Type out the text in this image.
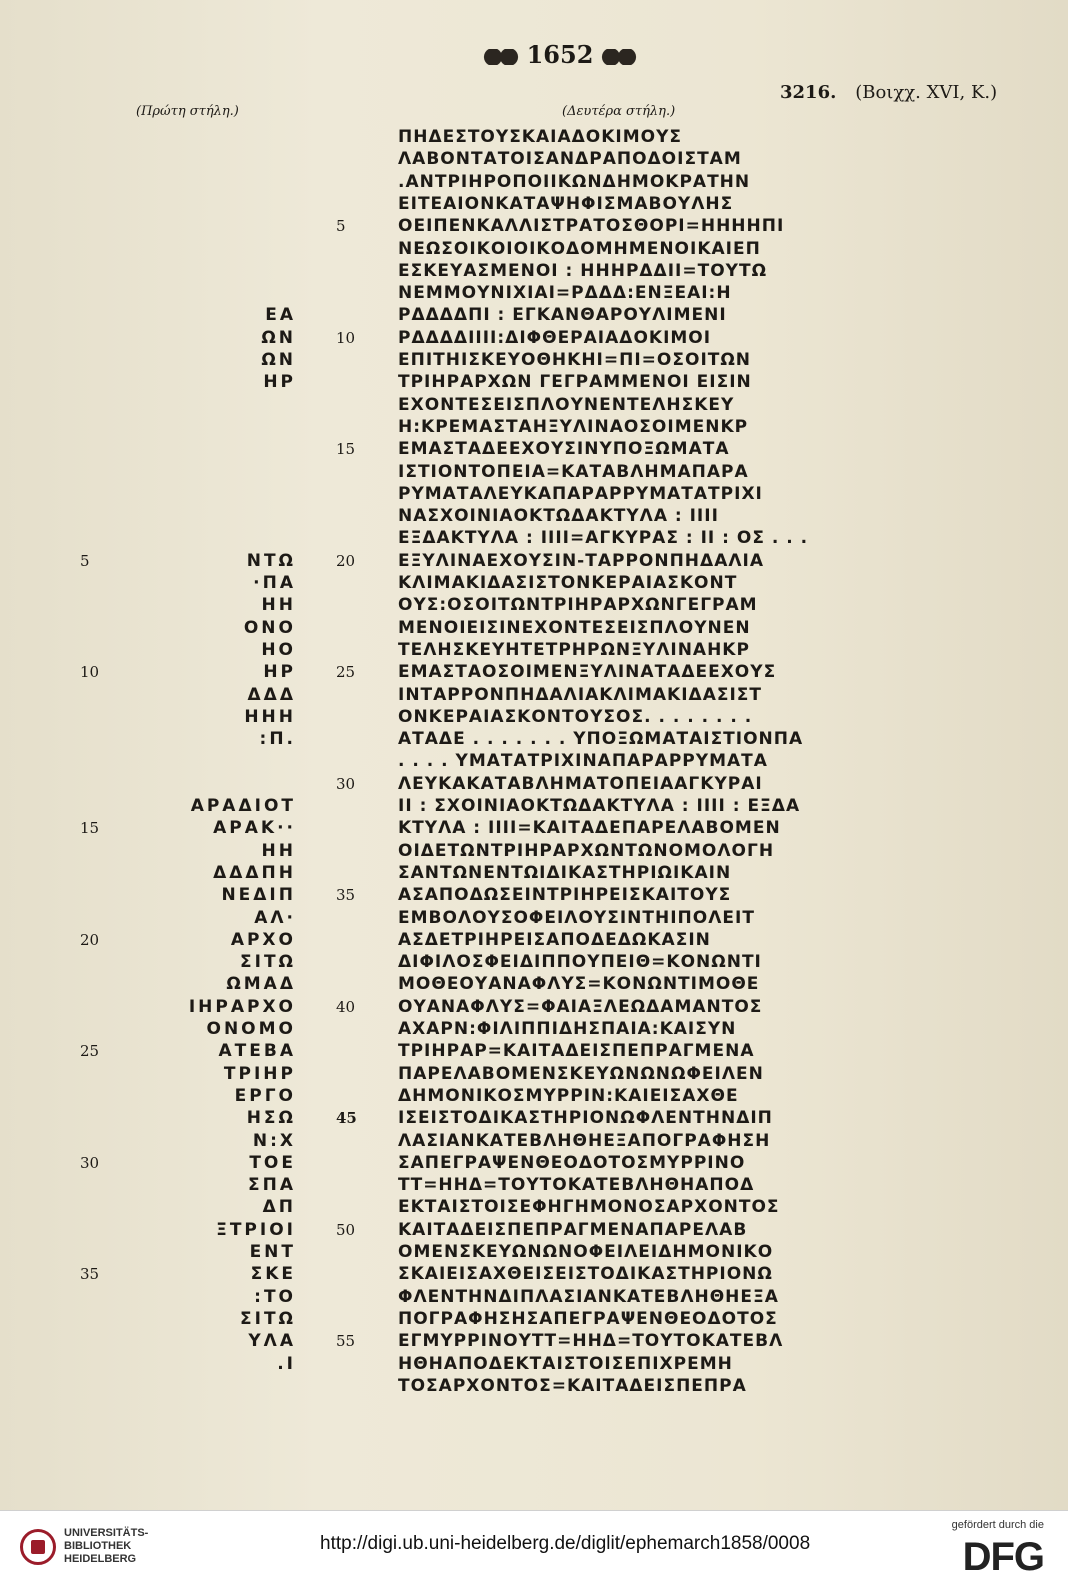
1652
3216. (Βοιχχ. XVI, K.)
(Πρώτη στήλη.)	(Δευτέρα στήλη.)
ΠΗΔΕΣΤΟΥΣΚΑΙΑΔΟΚΙΜΟΥΣ
ΛΑΒΟΝΤΑΤΟΙΣΑΝΔΡΑΠΟΔΟΙΣΤΑΜ
.ΑΝΤΡΙΗΡΟΠΟΙΙΚΩΝΔΗΜΟΚΡΑΤΗΝ
ΕΙΤΕΑΙΟΝΚΑΤΑΨΗΦΙΣΜΑΒΟΥΛΗΣ
5	ΟΕΙΠΕΝΚΑΛΛΙΣΤΡΑΤΟΣΘΟΡΙ=ΗΗΗΗΠΙ
ΝΕΩΣΟΙΚΟΙΟΙΚΟΔΟΜΗΜΕΝΟΙΚΑΙΕΠ
ΕΣΚΕΥΑΣΜΕΝΟΙ : ΗΗΗΡΔΔΙΙ=ΤΟΥΤΩ
ΝΕΜΜΟΥΝΙΧΙΑΙ=ΡΔΔΔ:ΕΝΞΕΑΙ:Η
ΡΔΔΔΔΠΙ : ΕΓΚΑΝΘΑΡΟΥΛΙΜΕΝΙ
10	ΡΔΔΔΔΙΙΙΙ:ΔΙΦΘΕΡΑΙΑΔΟΚΙΜΟΙ
ΕΠΙΤΗΙΣΚΕΥΟΘΗΚΗΙ=ΠΙ=ΟΣΟΙΤΩΝ
ΤΡΙΗΡΑΡΧΩΝ ΓΕΓΡΑΜΜΕΝΟΙ ΕΙΣΙΝ
ΕΧΟΝΤΕΣΕΙΣΠΛΟΥΝΕΝΤΕΛΗΣΚΕΥ
Η:ΚΡΕΜΑΣΤΑΗΞΥΛΙΝΑΟΣΟΙΜΕΝΚΡ
15	ΕΜΑΣΤΑΔΕΕΧΟΥΣΙΝΥΠΟΞΩΜΑΤΑ
ΙΣΤΙΟΝΤΟΠΕΙΑ=ΚΑΤΑΒΛΗΜΑΠΑΡΑ
ΡΥΜΑΤΑΛΕΥΚΑΠΑΡΑΡΡΥΜΑΤΑΤΡΙΧΙ
ΝΑΣΧΟΙΝΙΑΟΚΤΩΔΑΚΤΥΛΑ : ΙΙΙΙ
ΕΞΔΑΚΤΥΛΑ : ΙΙΙΙ=ΑΓΚΥΡΑΣ : ΙΙ : ΟΣ . . .
20	ΕΞΥΛΙΝΑΕΧΟΥΣΙΝ-ΤΑΡΡΟΝΠΗΔΑΛΙΑ
ΚΛΙΜΑΚΙΔΑΣΙΣΤΟΝΚΕΡΑΙΑΣΚΟΝΤ
ΟΥΣ:ΟΣΟΙΤΩΝΤΡΙΗΡΑΡΧΩΝΓΕΓΡΑΜ
ΜΕΝΟΙΕΙΣΙΝΕΧΟΝΤΕΣΕΙΣΠΛΟΥΝΕΝ
ΤΕΛΗΣΚΕΥΗΤΕΤΡΗΡΩΝΞΥΛΙΝΑΗΚΡ
25	ΕΜΑΣΤΑΟΣΟΙΜΕΝΞΥΛΙΝΑΤΑΔΕΕΧΟΥΣ
ΙΝΤΑΡΡΟΝΠΗΔΑΛΙΑΚΛΙΜΑΚΙΔΑΣΙΣΤ
ΟΝΚΕΡΑΙΑΣΚΟΝΤΟΥΣΟΣ. . . . . . . .
ΑΤΑΔΕ . . . . . . . ΥΠΟΞΩΜΑΤΑΙΣΤΙΟΝΠΑ
. . . . ΥΜΑΤΑΤΡΙΧΙΝΑΠΑΡΑΡΡΥΜΑΤΑ
30	ΛΕΥΚΑΚΑΤΑΒΛΗΜΑΤΟΠΕΙΑΑΓΚΥΡΑΙ
ΙΙ : ΣΧΟΙΝΙΑΟΚΤΩΔΑΚΤΥΛΑ : ΙΙΙΙ : ΕΞΔΑ
ΚΤΥΛΑ : ΙΙΙΙ=ΚΑΙΤΑΔΕΠΑΡΕΛΑΒΟΜΕΝ
ΟΙΔΕΤΩΝΤΡΙΗΡΑΡΧΩΝΤΩΝΟΜΟΛΟΓΗ
ΣΑΝΤΩΝΕΝΤΩΙΔΙΚΑΣΤΗΡΙΩΙΚΑΙΝ
35	ΑΣΑΠΟΔΩΣΕΙΝΤΡΙΗΡΕΙΣΚΑΙΤΟΥΣ
ΕΜΒΟΛΟΥΣΟΦΕΙΛΟΥΣΙΝΤΗΙΠΟΛΕΙΤ
ΑΣΔΕΤΡΙΗΡΕΙΣΑΠΟΔΕΔΩΚΑΣΙΝ
ΔΙΦΙΛΟΣΦΕΙΔΙΠΠΟΥΠΕΙΘ=ΚΟΝΩΝΤΙ
ΜΟΘΕΟΥΑΝΑΦΛΥΣ=ΚΟΝΩΝΤΙΜΟΘΕ
40	ΟΥΑΝΑΦΛΥΣ=ΦΑΙΑΞΛΕΩΔΑΜΑΝΤΟΣ
ΑΧΑΡΝ:ΦΙΛΙΠΠΙΔΗΣΠΑΙΑ:ΚΑΙΣΥΝ
ΤΡΙΗΡΑΡ=ΚΑΙΤΑΔΕΙΣΠΕΠΡΑΓΜΕΝΑ
ΠΑΡΕΛΑΒΟΜΕΝΣΚΕΥΩΝΩΝΩΦΕΙΛΕΝ
ΔΗΜΟΝΙΚΟΣΜΥΡΡΙΝ:ΚΑΙΕΙΣΑΧΘΕ
45 ΙΣΕΙΣΤΟΔΙΚΑΣΤΗΡΙΟΝΩΦΛΕΝΤΗΝΔΙΠ
ΛΑΣΙΑΝΚΑΤΕΒΛΗΘΗΕΞΑΠΟΓΡΑΦΗΣΗ
ΣΑΠΕΓΡΑΨΕΝΘΕΟΔΟΤΟΣΜΥΡΡΙΝΟ
ΤΤ=ΗΗΔ=ΤΟΥΤΟΚΑΤΕΒΛΗΘΗΑΠΟΔ
ΕΚΤΑΙΣΤΟΙΣΕΦΗΓΗΜΟΝΟΣΑΡΧΟΝΤΟΣ
50	ΚΑΙΤΑΔΕΙΣΠΕΠΡΑΓΜΕΝΑΠΑΡΕΛΑΒ
ΟΜΕΝΣΚΕΥΩΝΩΝΟΦΕΙΛΕΙΔΗΜΟΝΙΚΟ
ΣΚΑΙΕΙΣΑΧΘΕΙΣΕΙΣΤΟΔΙΚΑΣΤΗΡΙΟΝΩ
ΦΛΕΝΤΗΝΔΙΠΛΑΣΙΑΝΚΑΤΕΒΛΗΘΗΕΞΑ
ΠΟΓΡΑΦΗΣΗΣΑΠΕΓΡΑΨΕΝΘΕΟΔΟΤΟΣ
55	ΕΓΜΥΡΡΙΝΟΥΤΤ=ΗΗΔ=ΤΟΥΤΟΚΑΤΕΒΛ
ΗΘΗΑΠΟΔΕΚΤΑΙΣΤΟΙΣΕΠΙΧΡΕΜΗ
ΤΟΣΑΡΧΟΝΤΟΣ=ΚΑΙΤΑΔΕΙΣΠΕΠΡΑ
ΕΑ
ΩΝ
ΩΝ
ΗΡ
5	ΝΤΩ
·ΠΑ
ΗΗ
ΟΝΟ
ΗΟ
10	ΗΡ
ΔΔΔ
ΗΗΗ
:Π.
ΑΡΑΔΙΟΤ
15	ΑΡΑΚ··
ΗΗ
ΔΔΔΠΗ
ΝΕΔΙΠ
ΑΛ·
20	ΑΡΧΟ
ΣΙΤΩ
ΩΜΑΔ
ΙΗΡΑΡΧΟ
ΟΝΟΜΟ
25	ΑΤΕΒΑ
ΤΡΙΗΡ
ΕΡΓΟ
ΗΣΩ
Ν:Χ
30	ΤΟΕ
ΣΠΑ
ΔΠ
ΞΤΡΙΟΙ
ΕΝΤ
35	ΣΚΕ
:ΤΟ
ΣΙΤΩ
ΥΛΑ
.Ι
UNIVERSITÄTS-
BIBLIOTHEK
HEIDELBERG
http://digi.ub.uni-heidelberg.de/diglit/ephemarch1858/0008
gefördert durch die
DFG
